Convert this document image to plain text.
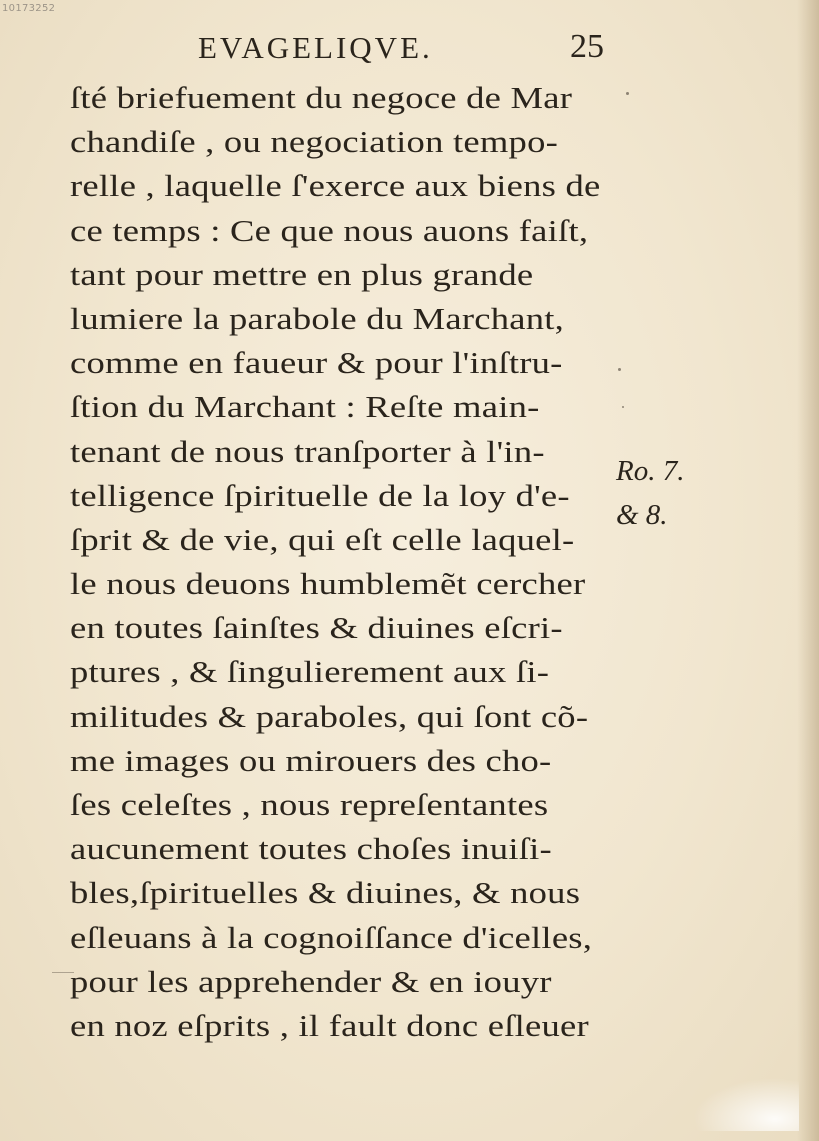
10173252
EVAGELIQVE.	25
ſté briefuement du negoce de Mar
chandiſe , ou negociation tempo-
relle , laquelle ſ'exerce aux biens de
ce temps : Ce que nous auons faiſt,
tant pour mettre en plus grande
lumiere la parabole du Marchant,
comme en faueur & pour l'inſtru-
ſtion du Marchant : Reſte main-
tenant de nous tranſporter à l'in-
telligence ſpirituelle de la loy d'e-
ſprit & de vie, qui eſt celle laquel-
le nous deuons humblemẽt cercher
en toutes ſainſtes & diuines eſcri-
ptures , & ſingulierement aux ſi-
militudes & paraboles, qui ſont cõ-
me images ou mirouers des cho-
ſes celeſtes , nous repreſentantes
aucunement toutes choſes inuiſi-
bles,ſpirituelles & diuines, & nous
eſleuans à la cognoiſſance d'icelles,
pour les apprehender & en iouyr
en noz eſprits , il fault donc eſleuer
Ro. 7.
& 8.
